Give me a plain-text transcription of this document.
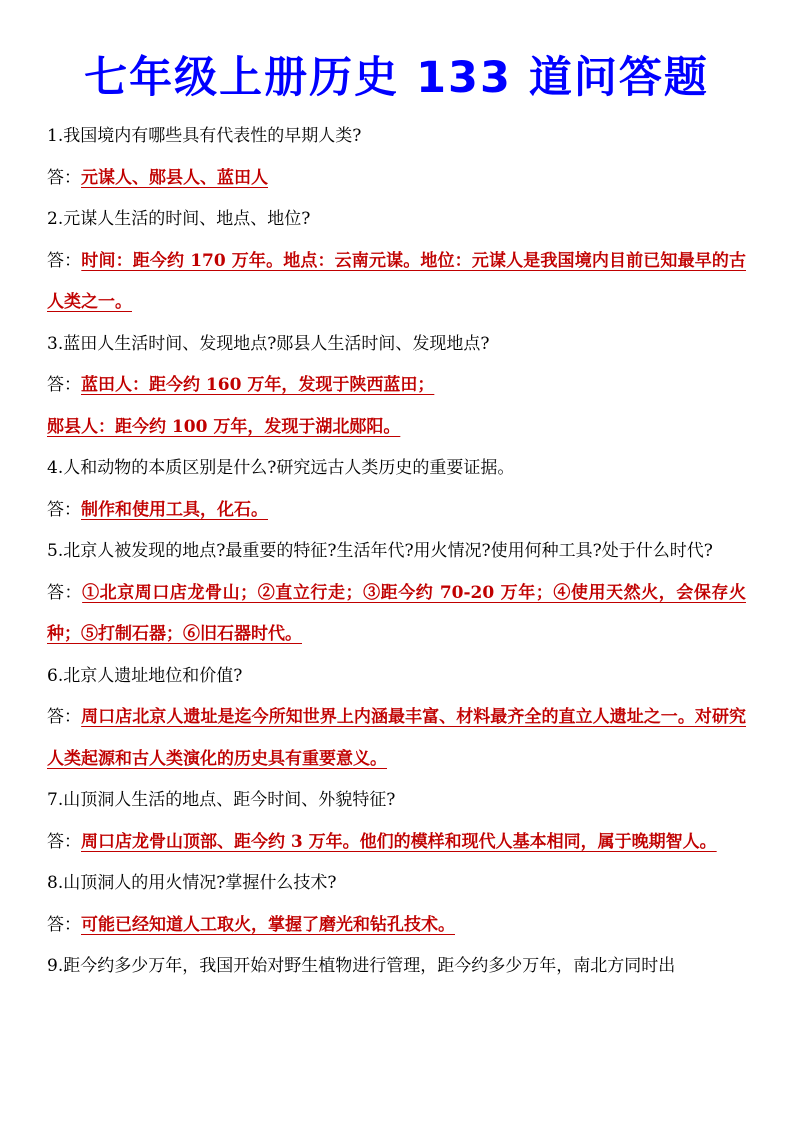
七年级上册历史 133 道问答题

1.我国境内有哪些具有代表性的早期人类?

答：元谋人、郧县人、蓝田人

2.元谋人生活的时间、地点、地位?

答：时间：距今约 170 万年。地点：云南元谋。地位：元谋人是我国境内目前已知最早的古人类之一。

3.蓝田人生活时间、发现地点?郧县人生活时间、发现地点?

答：蓝田人：距今约 160 万年，发现于陕西蓝田；

郧县人：距今约 100 万年，发现于湖北郧阳。

4.人和动物的本质区别是什么?研究远古人类历史的重要证据。

答：制作和使用工具，化石。

5.北京人被发现的地点?最重要的特征?生活年代?用火情况?使用何种工具?处于什么时代?

答：①北京周口店龙骨山；②直立行走；③距今约 70-20 万年；④使用天然火，会保存火种；⑤打制石器；⑥旧石器时代。

6.北京人遗址地位和价值?

答：周口店北京人遗址是迄今所知世界上内涵最丰富、材料最齐全的直立人遗址之一。对研究人类起源和古人类演化的历史具有重要意义。

7.山顶洞人生活的地点、距今时间、外貌特征?

答：周口店龙骨山顶部、距今约 3 万年。他们的模样和现代人基本相同，属于晚期智人。

8.山顶洞人的用火情况?掌握什么技术?

答：可能已经知道人工取火，掌握了磨光和钻孔技术。

9.距今约多少万年，我国开始对野生植物进行管理，距今约多少万年，南北方同时出
